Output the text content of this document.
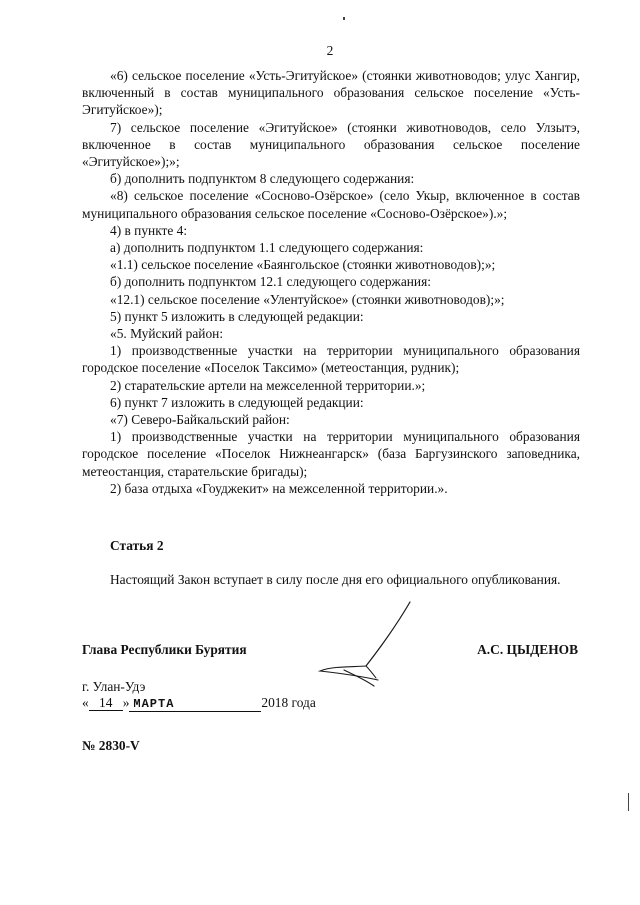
2

«6) сельское поселение «Усть-Эгитуйское» (стоянки животноводов; улус Хангир, включенный в состав муниципального образования сельское поселение «Усть-Эгитуйское»);

7) сельское поселение «Эгитуйское» (стоянки животноводов, село Улзытэ, включенное в состав муниципального образования сельское поселение «Эгитуйское»);»;

б) дополнить подпунктом 8 следующего содержания:

«8) сельское поселение «Сосново-Озёрское» (село Укыр, включенное в состав муниципального образования сельское поселение «Сосново-Озёрское»).»;

4) в пункте 4:

а) дополнить подпунктом 1.1 следующего содержания:

«1.1) сельское поселение «Баянгольское (стоянки животноводов);»;

б) дополнить подпунктом 12.1 следующего содержания:

«12.1) сельское поселение «Улентуйское» (стоянки животноводов);»;

5) пункт 5 изложить в следующей редакции:

«5. Муйский район:

1) производственные участки на территории муниципального образования городское поселение «Поселок Таксимо» (метеостанция, рудник);

2) старательские артели на межселенной территории.»;

6) пункт 7 изложить в следующей редакции:

«7) Северо-Байкальский район:

1) производственные участки на территории муниципального образования городское поселение «Поселок Нижнеангарск» (база Баргузинского заповедника, метеостанция, старательские бригады);

2) база отдыха «Гоуджекит» на межселенной территории.».

Статья 2

Настоящий Закон вступает в силу после дня его официального опубликования.

Глава Республики Бурятия	А.С. ЦЫДЕНОВ
г. Улан-Удэ
« 14 » МАРТА	2018 года
№ 2830-V
